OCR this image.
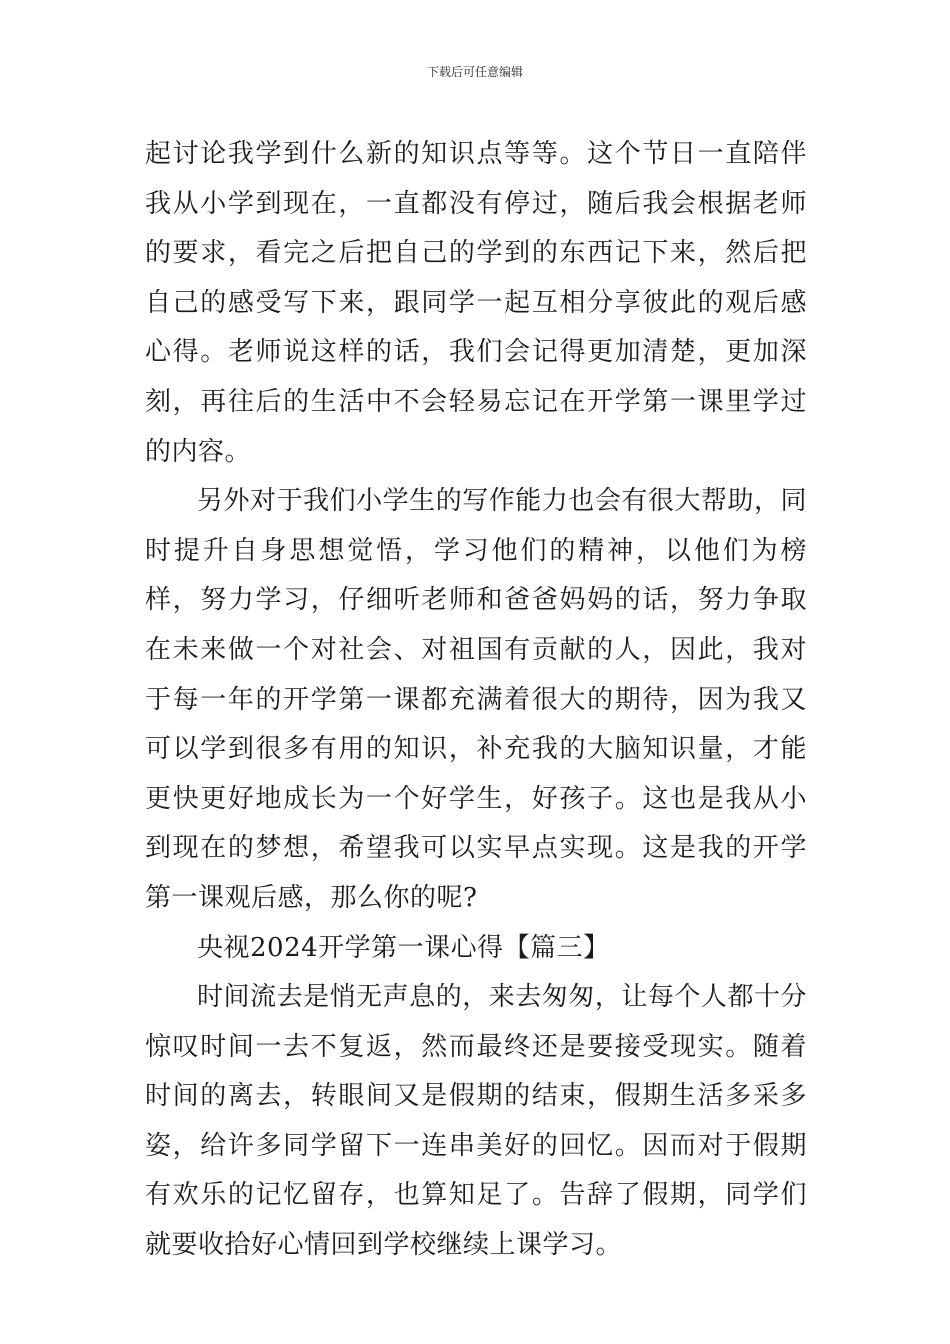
下载后可任意编辑

起讨论我学到什么新的知识点等等。这个节日一直陪伴我从小学到现在，一直都没有停过，随后我会根据老师的要求，看完之后把自己的学到的东西记下来，然后把自己的感受写下来，跟同学一起互相分享彼此的观后感心得。老师说这样的话，我们会记得更加清楚，更加深刻，再往后的生活中不会轻易忘记在开学第一课里学过的内容。

另外对于我们小学生的写作能力也会有很大帮助，同时提升自身思想觉悟，学习他们的精神，以他们为榜样，努力学习，仔细听老师和爸爸妈妈的话，努力争取在未来做一个对社会、对祖国有贡献的人，因此，我对于每一年的开学第一课都充满着很大的期待，因为我又可以学到很多有用的知识，补充我的大脑知识量，才能更快更好地成长为一个好学生，好孩子。这也是我从小到现在的梦想，希望我可以实早点实现。这是我的开学第一课观后感，那么你的呢?

央视2024开学第一课心得【篇三】

时间流去是悄无声息的，来去匆匆，让每个人都十分惊叹时间一去不复返，然而最终还是要接受现实。随着时间的离去，转眼间又是假期的结束，假期生活多采多姿，给许多同学留下一连串美好的回忆。因而对于假期有欢乐的记忆留存，也算知足了。告辞了假期，同学们就要收拾好心情回到学校继续上课学习。
